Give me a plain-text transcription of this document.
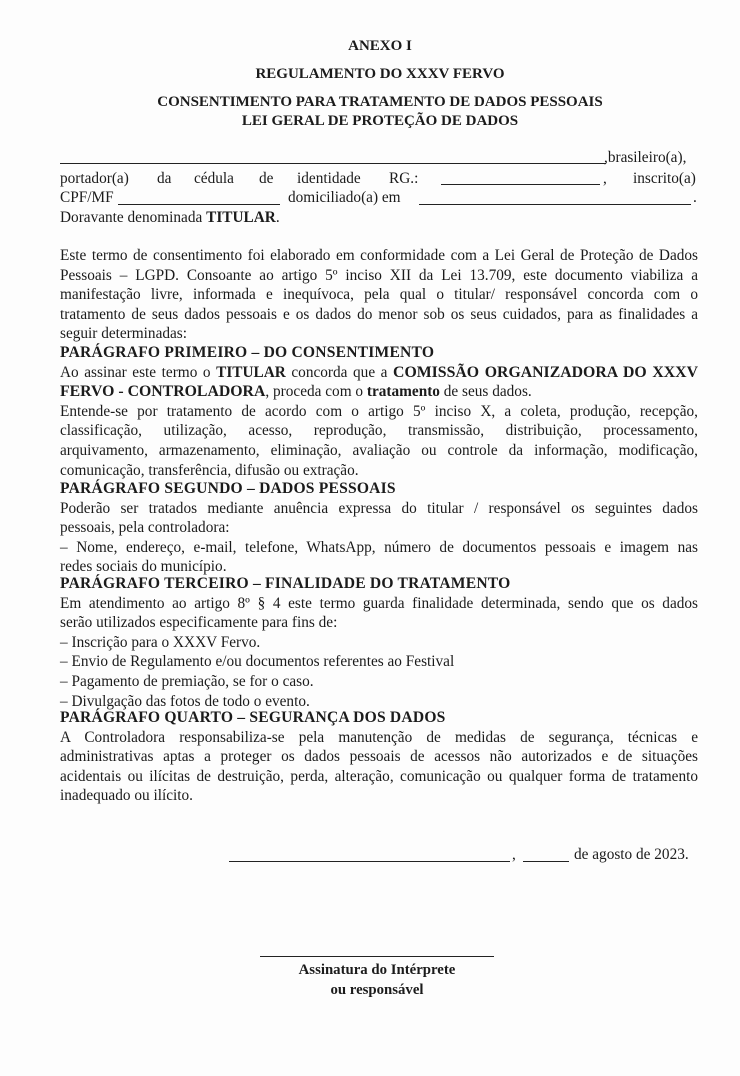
ANEXO I
REGULAMENTO DO XXXV FERVO
CONSENTIMENTO PARA TRATAMENTO DE DADOS PESSOAIS
LEI GERAL DE PROTEÇÃO DE DADOS
,brasileiro(a),
portador(a) da cédula de identidade RG.:	, inscrito(a)
CPF/MF	domiciliado(a) em	.
Doravante denominada TITULAR.
Este termo de consentimento foi elaborado em conformidade com a Lei Geral de Proteção de Dados
Pessoais – LGPD. Consoante ao artigo 5º inciso XII da Lei 13.709, este documento viabiliza a
manifestação livre, informada e inequívoca, pela qual o titular/ responsável concorda com o
tratamento de seus dados pessoais e os dados do menor sob os seus cuidados, para as finalidades a
seguir determinadas:
PARÁGRAFO PRIMEIRO – DO CONSENTIMENTO
Ao assinar este termo o TITULAR concorda que a COMISSÃO ORGANIZADORA DO XXXV
FERVO - CONTROLADORA, proceda com o tratamento de seus dados.
Entende-se por tratamento de acordo com o artigo 5º inciso X, a coleta, produção, recepção,
classificação, utilização, acesso, reprodução, transmissão, distribuição, processamento,
arquivamento, armazenamento, eliminação, avaliação ou controle da informação, modificação,
comunicação, transferência, difusão ou extração.
PARÁGRAFO SEGUNDO – DADOS PESSOAIS
Poderão ser tratados mediante anuência expressa do titular / responsável os seguintes dados
pessoais, pela controladora:
– Nome, endereço, e-mail, telefone, WhatsApp, número de documentos pessoais e imagem nas
redes sociais do município.
PARÁGRAFO TERCEIRO – FINALIDADE DO TRATAMENTO
Em atendimento ao artigo 8º § 4 este termo guarda finalidade determinada, sendo que os dados
serão utilizados especificamente para fins de:
– Inscrição para o XXXV Fervo.
– Envio de Regulamento e/ou documentos referentes ao Festival
– Pagamento de premiação, se for o caso.
– Divulgação das fotos de todo o evento.
PARÁGRAFO QUARTO – SEGURANÇA DOS DADOS
A Controladora responsabiliza-se pela manutenção de medidas de segurança, técnicas e
administrativas aptas a proteger os dados pessoais de acessos não autorizados e de situações
acidentais ou ilícitas de destruição, perda, alteração, comunicação ou qualquer forma de tratamento
inadequado ou ilícito.
,	de agosto de 2023.
Assinatura do Intérprete
ou responsável
